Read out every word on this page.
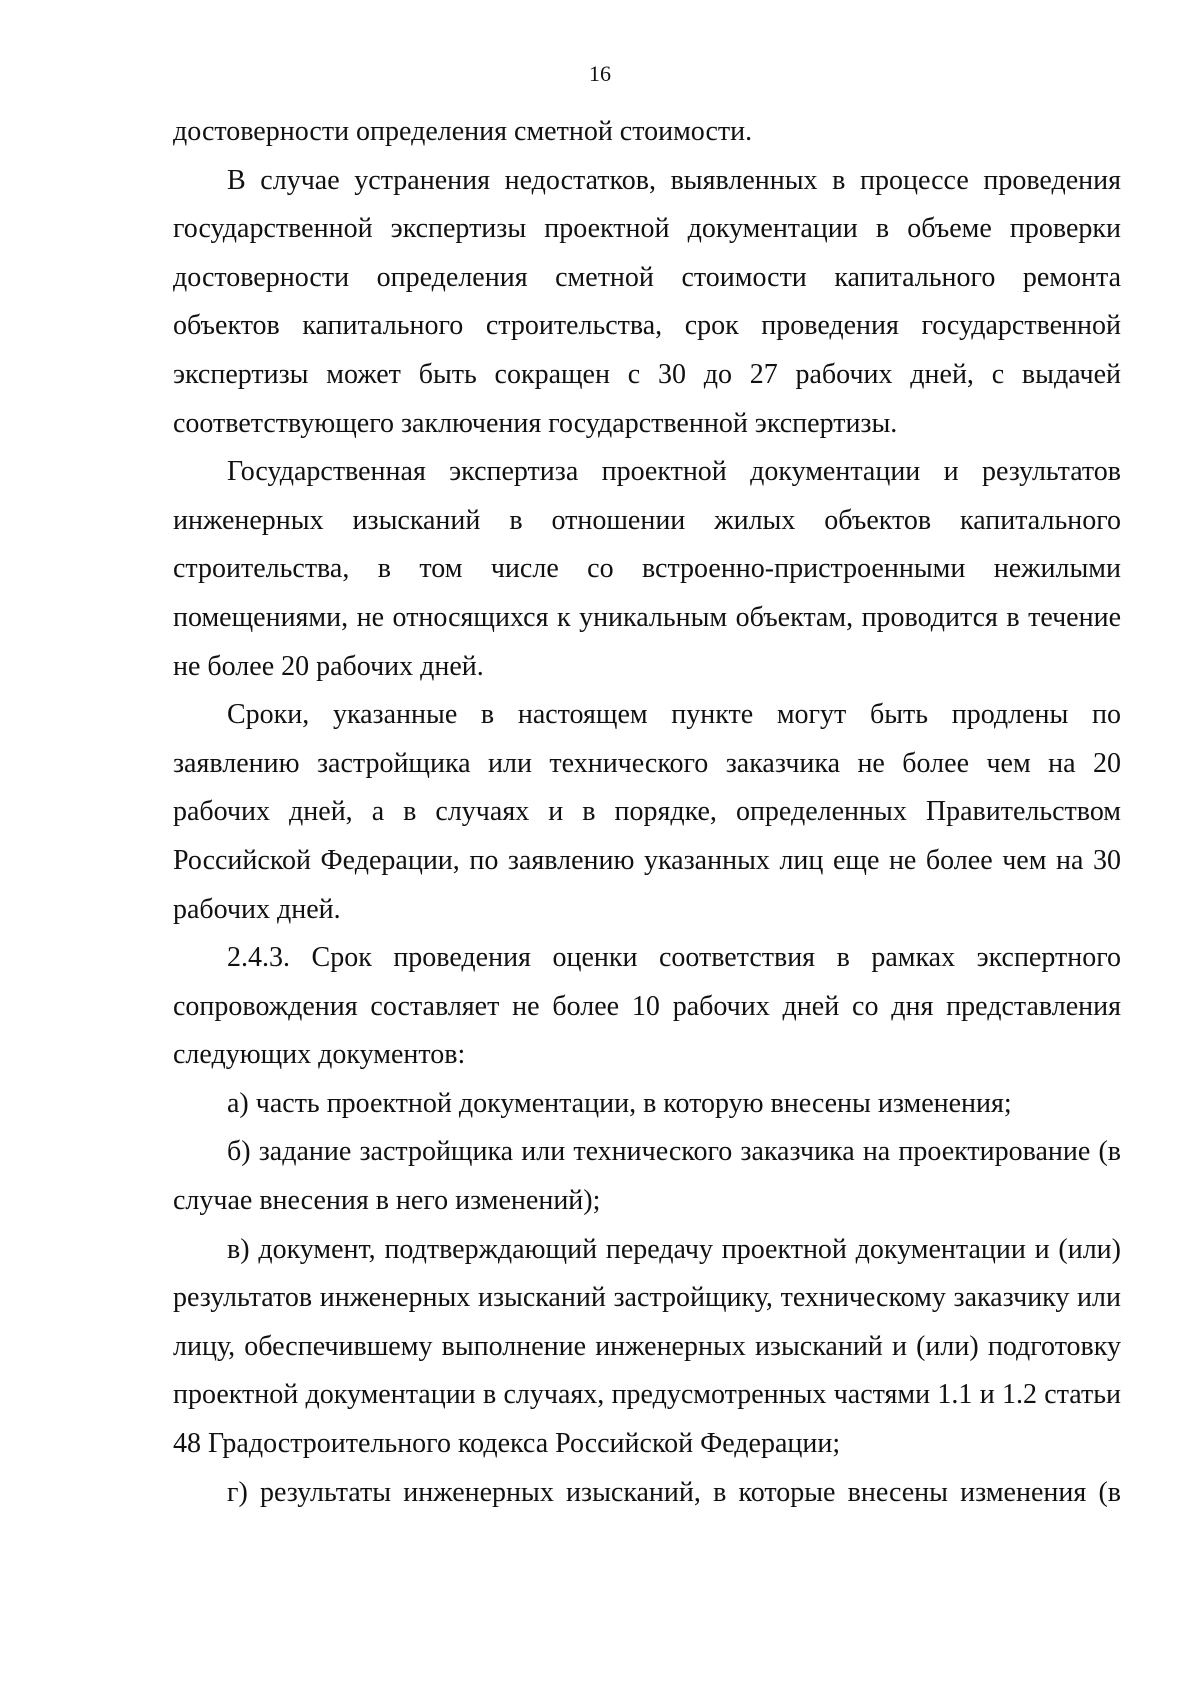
16

достоверности определения сметной стоимости.

В случае устранения недостатков, выявленных в процессе проведения государственной экспертизы проектной документации в объеме проверки достоверности определения сметной стоимости капитального ремонта объектов капитального строительства, срок проведения государственной экспертизы может быть сокращен с 30 до 27 рабочих дней, с выдачей соответствующего заключения государственной экспертизы.

Государственная экспертиза проектной документации и результатов инженерных изысканий в отношении жилых объектов капитального строительства, в том числе со встроенно-пристроенными нежилыми помещениями, не относящихся к уникальным объектам, проводится в течение не более 20 рабочих дней.

Сроки, указанные в настоящем пункте могут быть продлены по заявлению застройщика или технического заказчика не более чем на 20 рабочих дней, а в случаях и в порядке, определенных Правительством Российской Федерации, по заявлению указанных лиц еще не более чем на 30 рабочих дней.

2.4.3. Срок проведения оценки соответствия в рамках экспертного сопровождения составляет не более 10 рабочих дней со дня представления следующих документов:

а) часть проектной документации, в которую внесены изменения;

б) задание застройщика или технического заказчика на проектирование (в случае внесения в него изменений);

в) документ, подтверждающий передачу проектной документации и (или) результатов инженерных изысканий застройщику, техническому заказчику или лицу, обеспечившему выполнение инженерных изысканий и (или) подготовку проектной документации в случаях, предусмотренных частями 1.1 и 1.2 статьи 48 Градостроительного кодекса Российской Федерации;

г) результаты инженерных изысканий, в которые внесены изменения (в
